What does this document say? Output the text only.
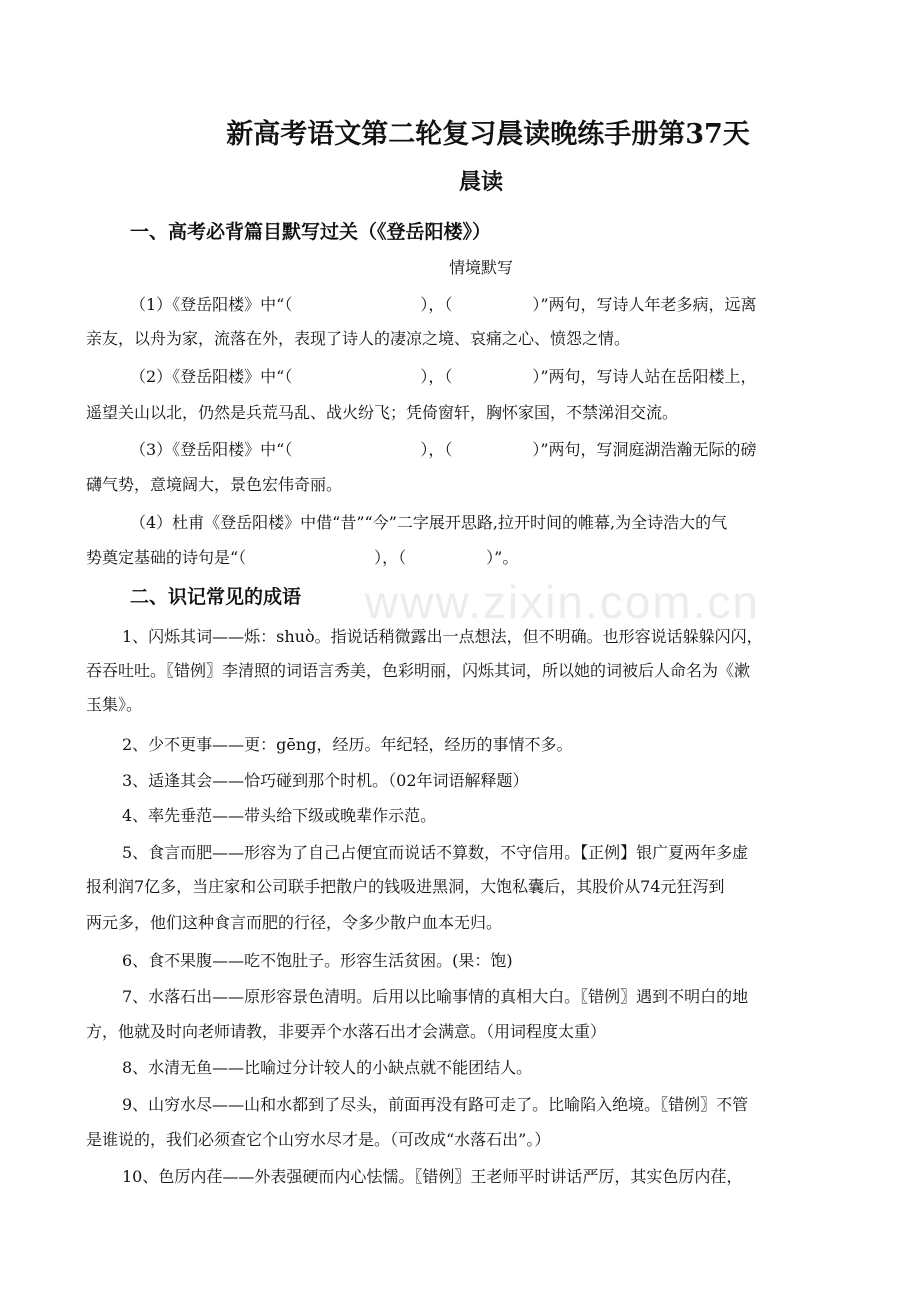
www.zixin.com.cn
新高考语文第二轮复习晨读晚练手册第37天
晨读
一、高考必背篇目默写过关（《登岳阳楼》）
情境默写
（1）《登岳阳楼》中“（　　　　　　　　），（　　　　　）”两句，写诗人年老多病，远离
亲友，以舟为家，流落在外，表现了诗人的凄凉之境、哀痛之心、愤怨之情。
（2）《登岳阳楼》中“（　　　　　　　　），（　　　　　）”两句，写诗人站在岳阳楼上，
遥望关山以北，仍然是兵荒马乱、战火纷飞；凭倚窗轩，胸怀家国，不禁涕泪交流。
（3）《登岳阳楼》中“（　　　　　　　　），（　　　　　）”两句，写洞庭湖浩瀚无际的磅
礴气势，意境阔大，景色宏伟奇丽。
（4）杜甫《登岳阳楼》中借“昔”“今”二字展开思路,拉开时间的帷幕,为全诗浩大的气
势奠定基础的诗句是“（　　　　　　　　），（　　　　　）”。
二、识记常见的成语
1、闪烁其词——烁：shuò。指说话稍微露出一点想法，但不明确。也形容说话躲躲闪闪，
吞吞吐吐。〖错例〗李清照的词语言秀美，色彩明丽，闪烁其词，所以她的词被后人命名为《漱
玉集》。
2、少不更事——更：gēng，经历。年纪轻，经历的事情不多。
3、适逢其会——恰巧碰到那个时机。（02年词语解释题）
4、率先垂范——带头给下级或晚辈作示范。
5、食言而肥——形容为了自己占便宜而说话不算数，不守信用。【正例】银广夏两年多虚
报利润7亿多，当庄家和公司联手把散户的钱吸进黑洞，大饱私囊后，其股价从74元狂泻到
两元多，他们这种食言而肥的行径，令多少散户血本无归。
6、食不果腹——吃不饱肚子。形容生活贫困。(果：饱)
7、水落石出——原形容景色清明。后用以比喻事情的真相大白。〖错例〗遇到不明白的地
方，他就及时向老师请教，非要弄个水落石出才会满意。（用词程度太重）
8、水清无鱼——比喻过分计较人的小缺点就不能团结人。
9、山穷水尽——山和水都到了尽头，前面再没有路可走了。比喻陷入绝境。〖错例〗不管
是谁说的，我们必须查它个山穷水尽才是。（可改成“水落石出”。）
10、色厉内荏——外表强硬而内心怯懦。〖错例〗王老师平时讲话严厉，其实色厉内荏，
